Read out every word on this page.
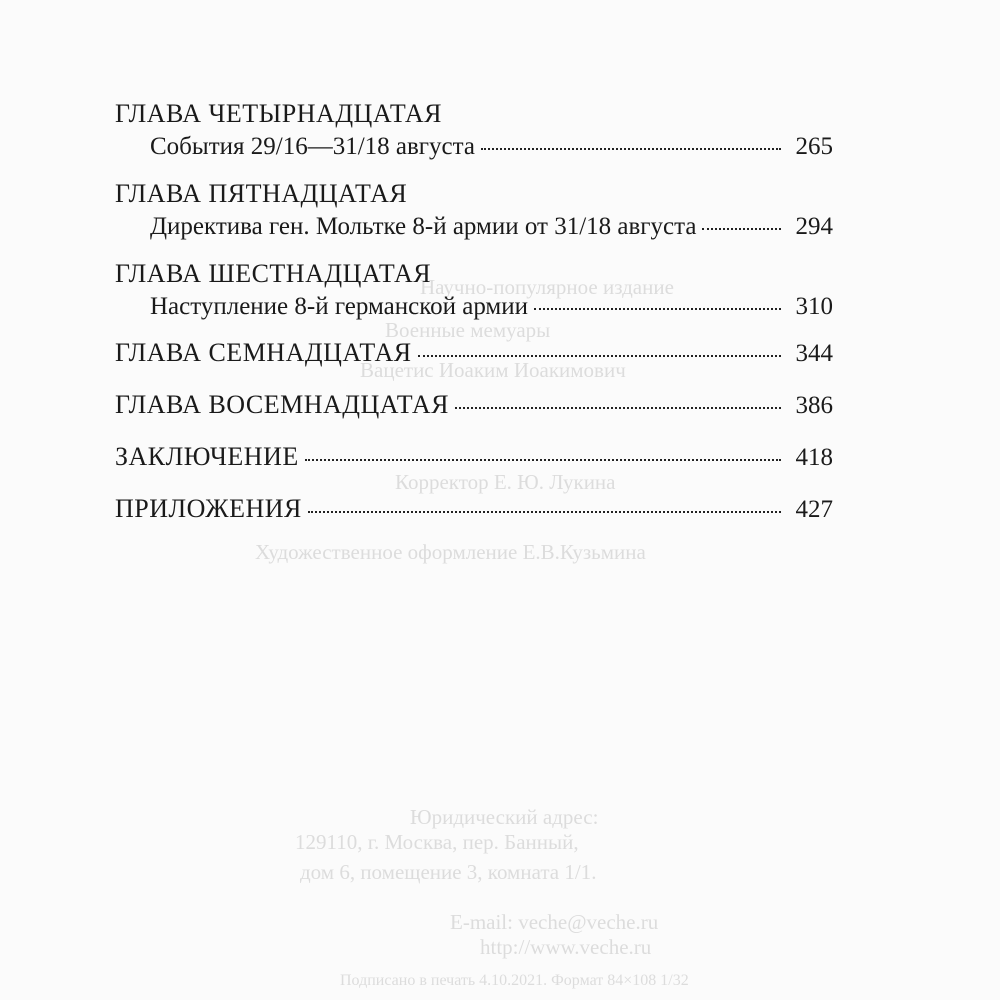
Научно-популярное издание
Военные мемуары
Вацетис Иоаким Иоакимович
Корректор Е. Ю. Лукина
Художественное оформление Е.В.Кузьмина
Юридический адрес:
129110, г. Москва, пер. Банный,
дом 6, помещение 3, комната 1/1.
E-mail: veche@veche.ru
http://www.veche.ru
Подписано в печать 4.10.2021. Формат 84×108 1/32
ГЛАВА ЧЕТЫРНАДЦАТАЯ
События 29/16—31/18 августа	265
ГЛАВА ПЯТНАДЦАТАЯ
Директива ген. Мольтке 8-й армии от 31/18 августа	294
ГЛАВА ШЕСТНАДЦАТАЯ
Наступление 8-й германской армии	310
ГЛАВА СЕМНАДЦАТАЯ	344
ГЛАВА ВОСЕМНАДЦАТАЯ	386
ЗАКЛЮЧЕНИЕ	418
ПРИЛОЖЕНИЯ	427
